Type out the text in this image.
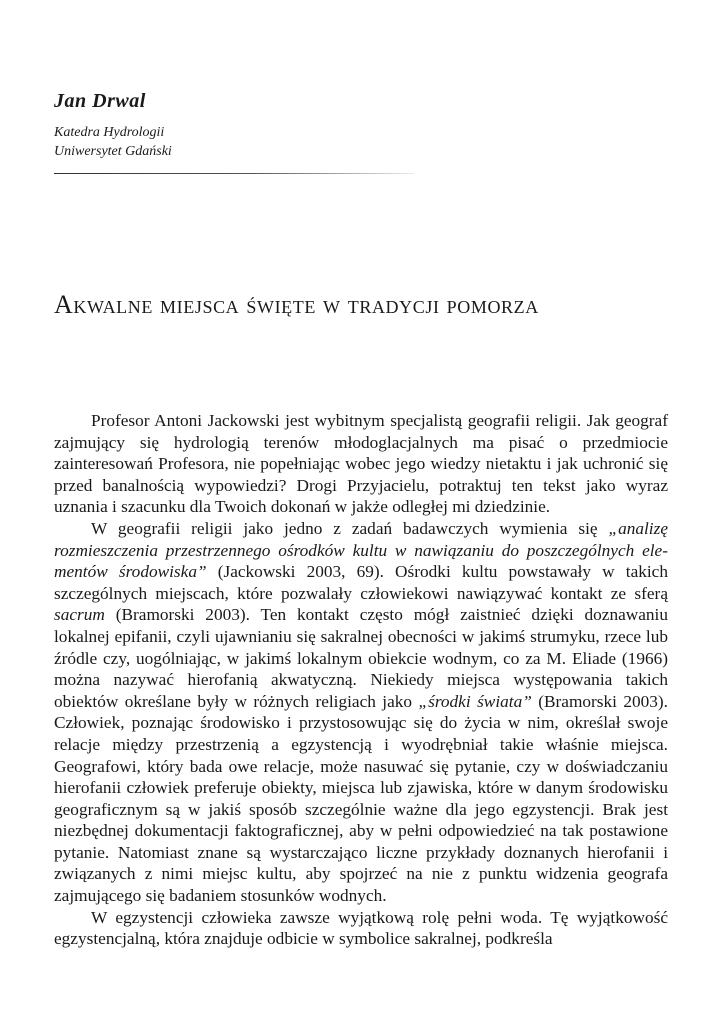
Jan Drwal
Katedra Hydrologii
Uniwersytet Gdański
Akwalne miejsca święte w tradycji pomorza

Profesor Antoni Jackowski jest wybitnym specjalistą geografii religii. Jak geograf zajmujący się hydrologią terenów młodoglacjalnych ma pisać o przedmiocie zainteresowań Profesora, nie popełniając wobec jego wiedzy nietaktu i jak uchronić się przed banalnością wypowiedzi? Drogi Przyjacielu, potraktuj ten tekst jako wyraz uznania i szacunku dla Twoich dokonań w jakże odległej mi dziedzinie.

W geografii religii jako jedno z zadań badawczych wymienia się „analizę rozmieszczenia przestrzennego ośrodków kultu w nawiązaniu do poszczególnych elementów środowiska” (Jackowski 2003, 69). Ośrodki kultu powstawały w takich szczególnych miejscach, które pozwalały człowiekowi nawiązywać kontakt ze sferą sacrum (Bramorski 2003). Ten kontakt często mógł zaistnieć dzięki doznawaniu lokalnej epifanii, czyli ujawnianiu się sakralnej obecności w jakimś strumyku, rzece lub źródle czy, uogólniając, w jakimś lokalnym obiekcie wodnym, co za M. Eliade (1966) można nazywać hierofanią akwatyczną. Niekiedy miejsca występowania takich obiektów określane były w różnych religiach jako „środki świata” (Bramorski 2003). Człowiek, poznając środowisko i przystosowując się do życia w nim, określał swoje relacje między przestrzenią a egzystencją i wyodrębniał takie właśnie miejsca. Geografowi, który bada owe relacje, może nasuwać się pytanie, czy w doświadczaniu hierofanii człowiek preferuje obiekty, miejsca lub zjawiska, które w danym środowisku geograficznym są w jakiś sposób szczególnie ważne dla jego egzystencji. Brak jest niezbędnej dokumentacji faktograficznej, aby w pełni odpowiedzieć na tak postawione pytanie. Natomiast znane są wystarczająco liczne przykłady doznanych hierofanii i związanych z nimi miejsc kultu, aby spojrzeć na nie z punktu widzenia geografa zajmującego się badaniem stosunków wodnych.

W egzystencji człowieka zawsze wyjątkową rolę pełni woda. Tę wyjątkowość egzystencjalną, która znajduje odbicie w symbolice sakralnej, podkreśla
